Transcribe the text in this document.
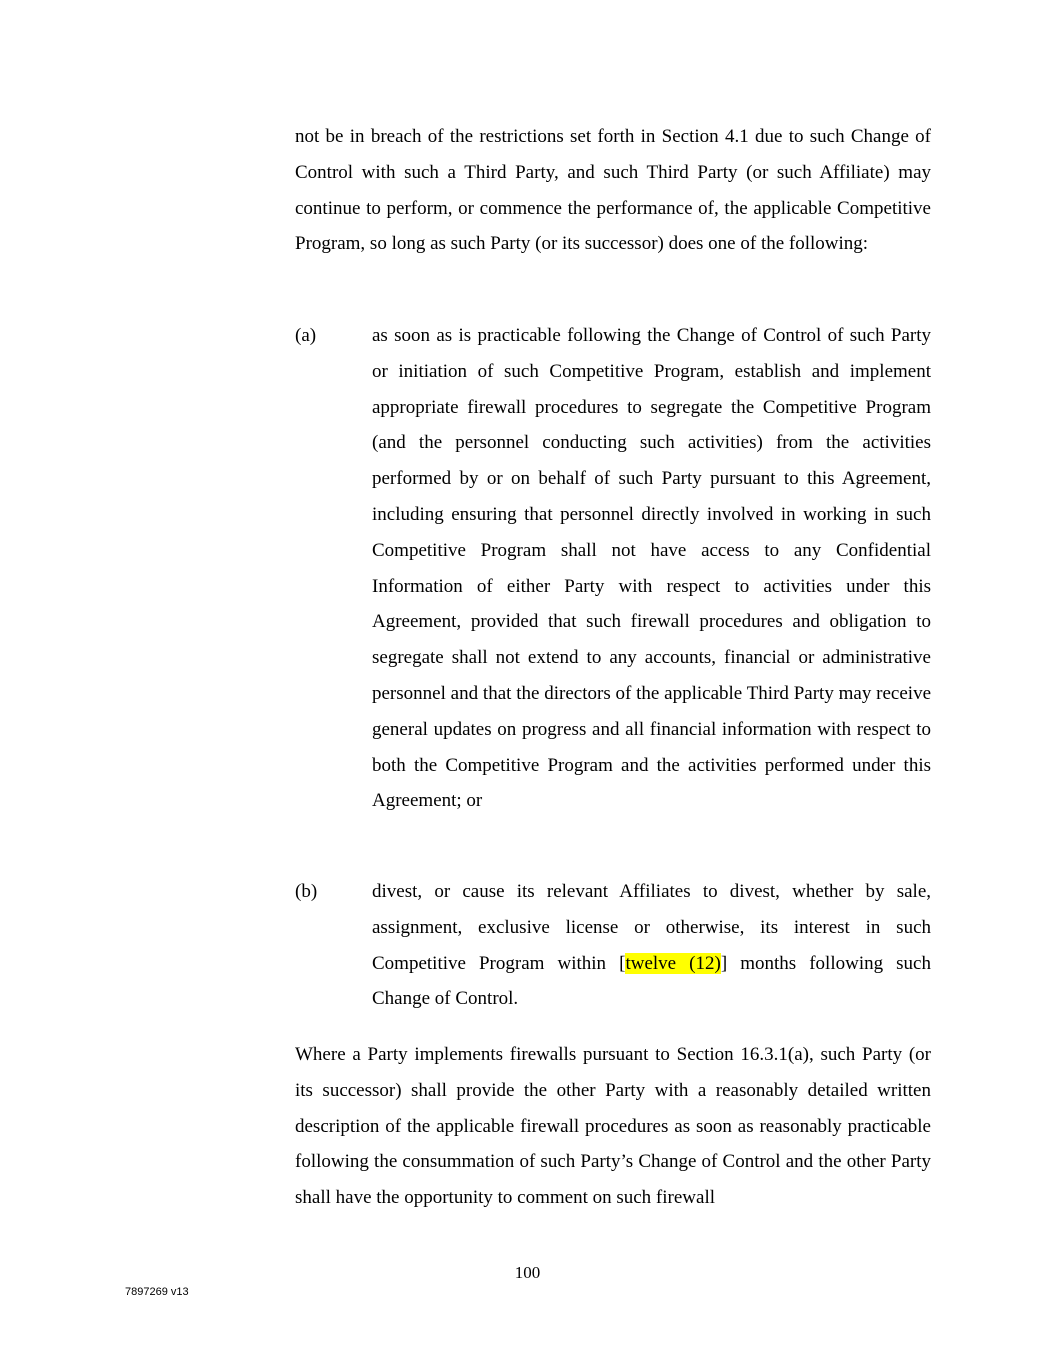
not be in breach of the restrictions set forth in Section 4.1 due to such Change of Control with such a Third Party, and such Third Party (or such Affiliate) may continue to perform, or commence the performance of, the applicable Competitive Program, so long as such Party (or its successor) does one of the following:

(a)	as soon as is practicable following the Change of Control of such Party or initiation of such Competitive Program, establish and implement appropriate firewall procedures to segregate the Competitive Program (and the personnel conducting such activities) from the activities performed by or on behalf of such Party pursuant to this Agreement, including ensuring that personnel directly involved in working in such Competitive Program shall not have access to any Confidential Information of either Party with respect to activities under this Agreement, provided that such firewall procedures and obligation to segregate shall not extend to any accounts, financial or administrative personnel and that the directors of the applicable Third Party may receive general updates on progress and all financial information with respect to both the Competitive Program and the activities performed under this Agreement; or

(b)	divest, or cause its relevant Affiliates to divest, whether by sale, assignment, exclusive license or otherwise, its interest in such Competitive Program within [twelve (12)] months following such Change of Control.

Where a Party implements firewalls pursuant to Section 16.3.1(a), such Party (or its successor) shall provide the other Party with a reasonably detailed written description of the applicable firewall procedures as soon as reasonably practicable following the consummation of such Party’s Change of Control and the other Party shall have the opportunity to comment on such firewall

100
7897269 v13
